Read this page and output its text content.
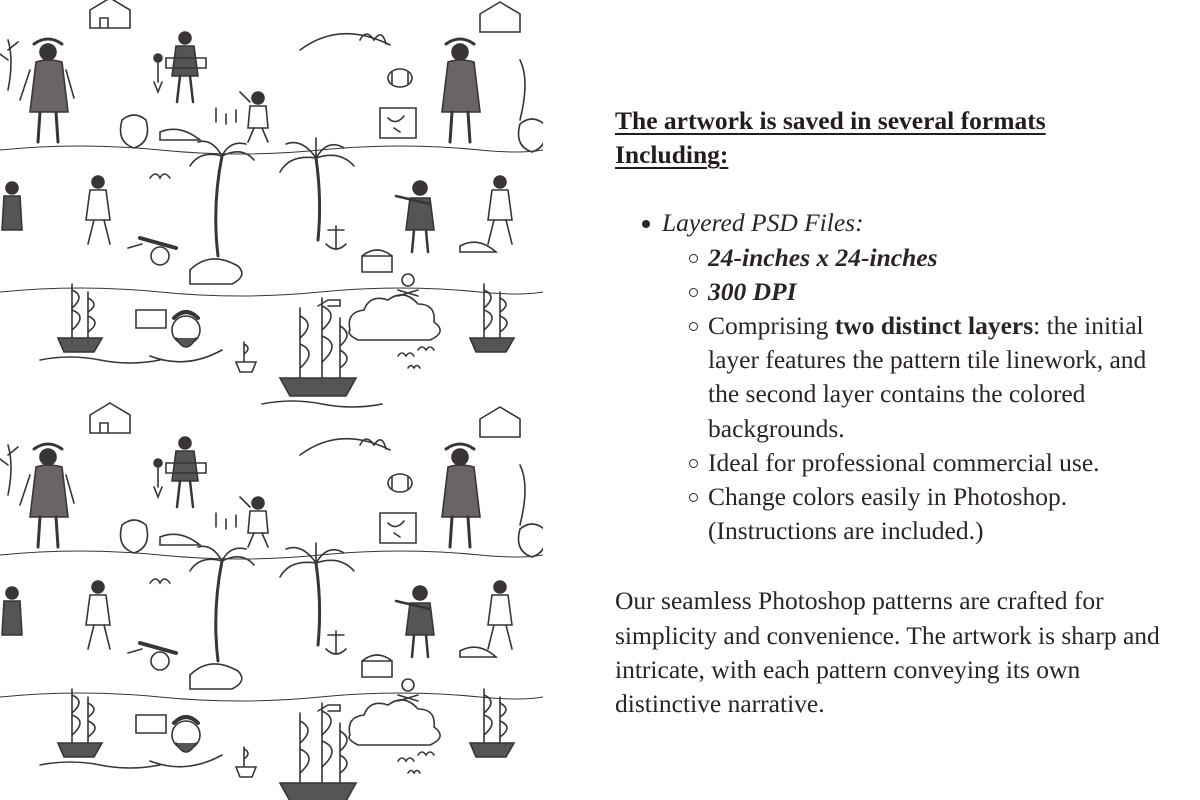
The artwork is saved in several formats
Including:
Layered PSD Files:
24-inches x 24-inches
300 DPI
Comprising two distinct layers: the initial layer features the pattern tile linework, and the second layer contains the colored backgrounds.
Ideal for professional commercial use.
Change colors easily in Photoshop.
(Instructions are included.)
Our seamless Photoshop patterns are crafted for simplicity and convenience. The artwork is sharp and intricate, with each pattern conveying its own distinctive narrative.
